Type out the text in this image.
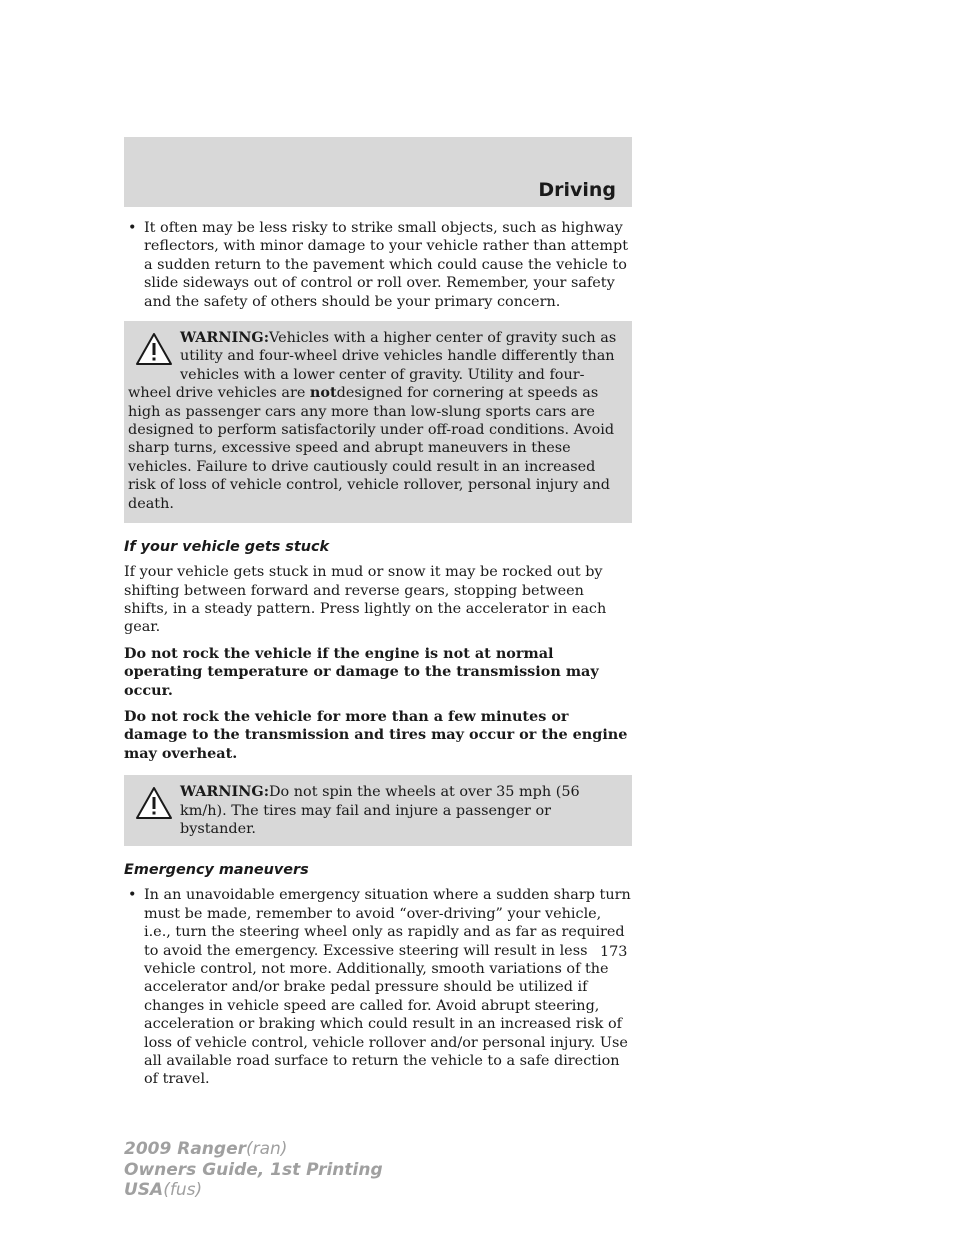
Driving
• It often may be less risky to strike small objects, such as highway reflectors, with minor damage to your vehicle rather than attempt a sudden return to the pavement which could cause the vehicle to slide sideways out of control or roll over. Remember, your safety and the safety of others should be your primary concern.
WARNING:Vehicles with a higher center of gravity such as utility and four-wheel drive vehicles handle differently than vehicles with a lower center of gravity. Utility and four-wheel drive vehicles are notdesigned for cornering at speeds as high as passenger cars any more than low-slung sports cars are designed to perform satisfactorily under off-road conditions. Avoid sharp turns, excessive speed and abrupt maneuvers in these vehicles. Failure to drive cautiously could result in an increased risk of loss of vehicle control, vehicle rollover, personal injury and death.
If your vehicle gets stuck

If your vehicle gets stuck in mud or snow it may be rocked out by shifting between forward and reverse gears, stopping between shifts, in a steady pattern. Press lightly on the accelerator in each gear.

Do not rock the vehicle if the engine is not at normal operating temperature or damage to the transmission may occur.

Do not rock the vehicle for more than a few minutes or damage to the transmission and tires may occur or the engine may overheat.

WARNING:Do not spin the wheels at over 35 mph (56 km/h). The tires may fail and injure a passenger or bystander.
Emergency maneuvers
• In an unavoidable emergency situation where a sudden sharp turn must be made, remember to avoid “over-driving” your vehicle, i.e., turn the steering wheel only as rapidly and as far as required to avoid the emergency. Excessive steering will result in less vehicle control, not more. Additionally, smooth variations of the accelerator and/or brake pedal pressure should be utilized if changes in vehicle speed are called for. Avoid abrupt steering, acceleration or braking which could result in an increased risk of loss of vehicle control, vehicle rollover and/or personal injury. Use all available road surface to return the vehicle to a safe direction of travel.
173
2009 Ranger(ran)
Owners Guide, 1st Printing
USA(fus)
